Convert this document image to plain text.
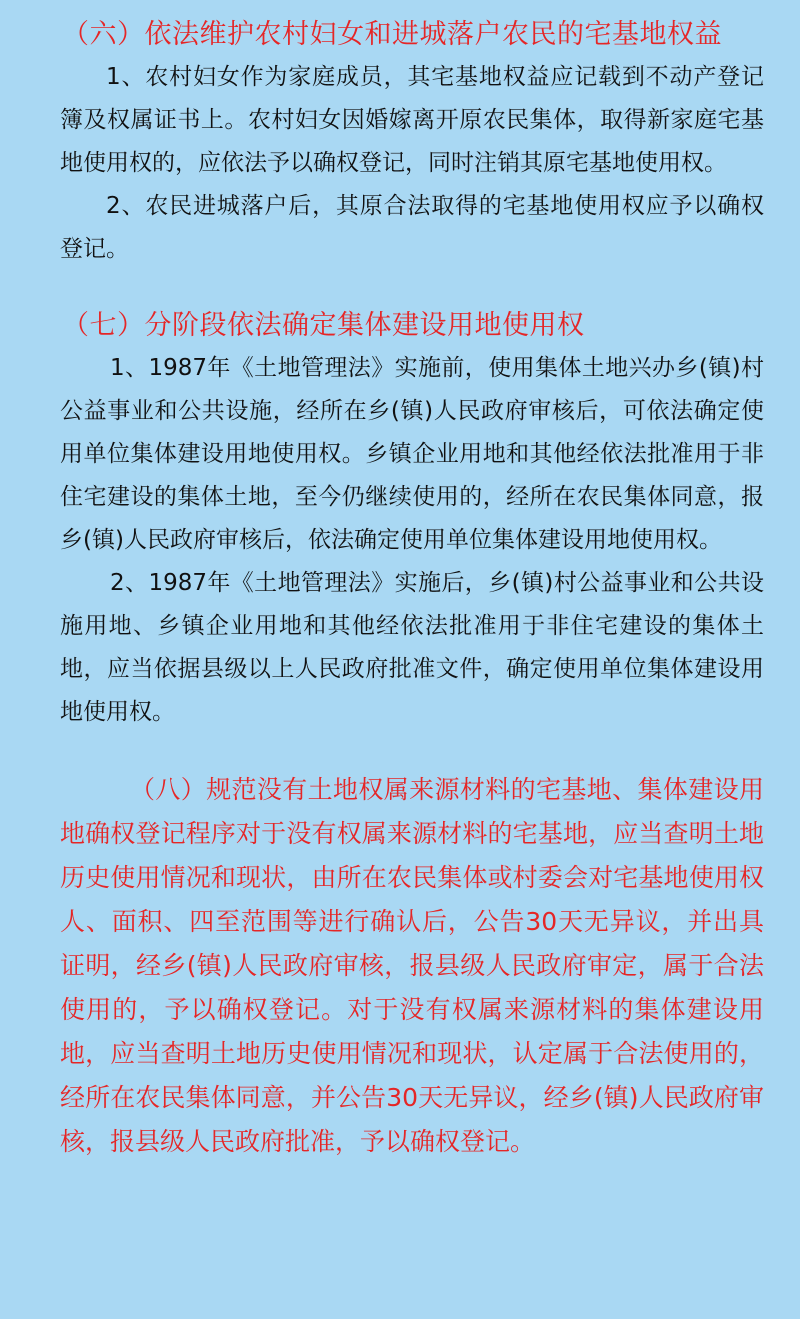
（六）依法维护农村妇女和进城落户农民的宅基地权益

1、农村妇女作为家庭成员，其宅基地权益应记载到不动产登记簿及权属证书上。农村妇女因婚嫁离开原农民集体，取得新家庭宅基地使用权的，应依法予以确权登记，同时注销其原宅基地使用权。

2、农民进城落户后，其原合法取得的宅基地使用权应予以确权登记。

（七）分阶段依法确定集体建设用地使用权

1、1987年《土地管理法》实施前，使用集体土地兴办乡(镇)村公益事业和公共设施，经所在乡(镇)人民政府审核后，可依法确定使用单位集体建设用地使用权。乡镇企业用地和其他经依法批准用于非住宅建设的集体土地，至今仍继续使用的，经所在农民集体同意，报乡(镇)人民政府审核后，依法确定使用单位集体建设用地使用权。

2、1987年《土地管理法》实施后，乡(镇)村公益事业和公共设施用地、乡镇企业用地和其他经依法批准用于非住宅建设的集体土地，应当依据县级以上人民政府批准文件，确定使用单位集体建设用地使用权。

（八）规范没有土地权属来源材料的宅基地、集体建设用地确权登记程序对于没有权属来源材料的宅基地，应当查明土地历史使用情况和现状，由所在农民集体或村委会对宅基地使用权人、面积、四至范围等进行确认后，公告30天无异议，并出具证明，经乡(镇)人民政府审核，报县级人民政府审定，属于合法使用的，予以确权登记。对于没有权属来源材料的集体建设用地，应当查明土地历史使用情况和现状，认定属于合法使用的，经所在农民集体同意，并公告30天无异议，经乡(镇)人民政府审核，报县级人民政府批准，予以确权登记。
